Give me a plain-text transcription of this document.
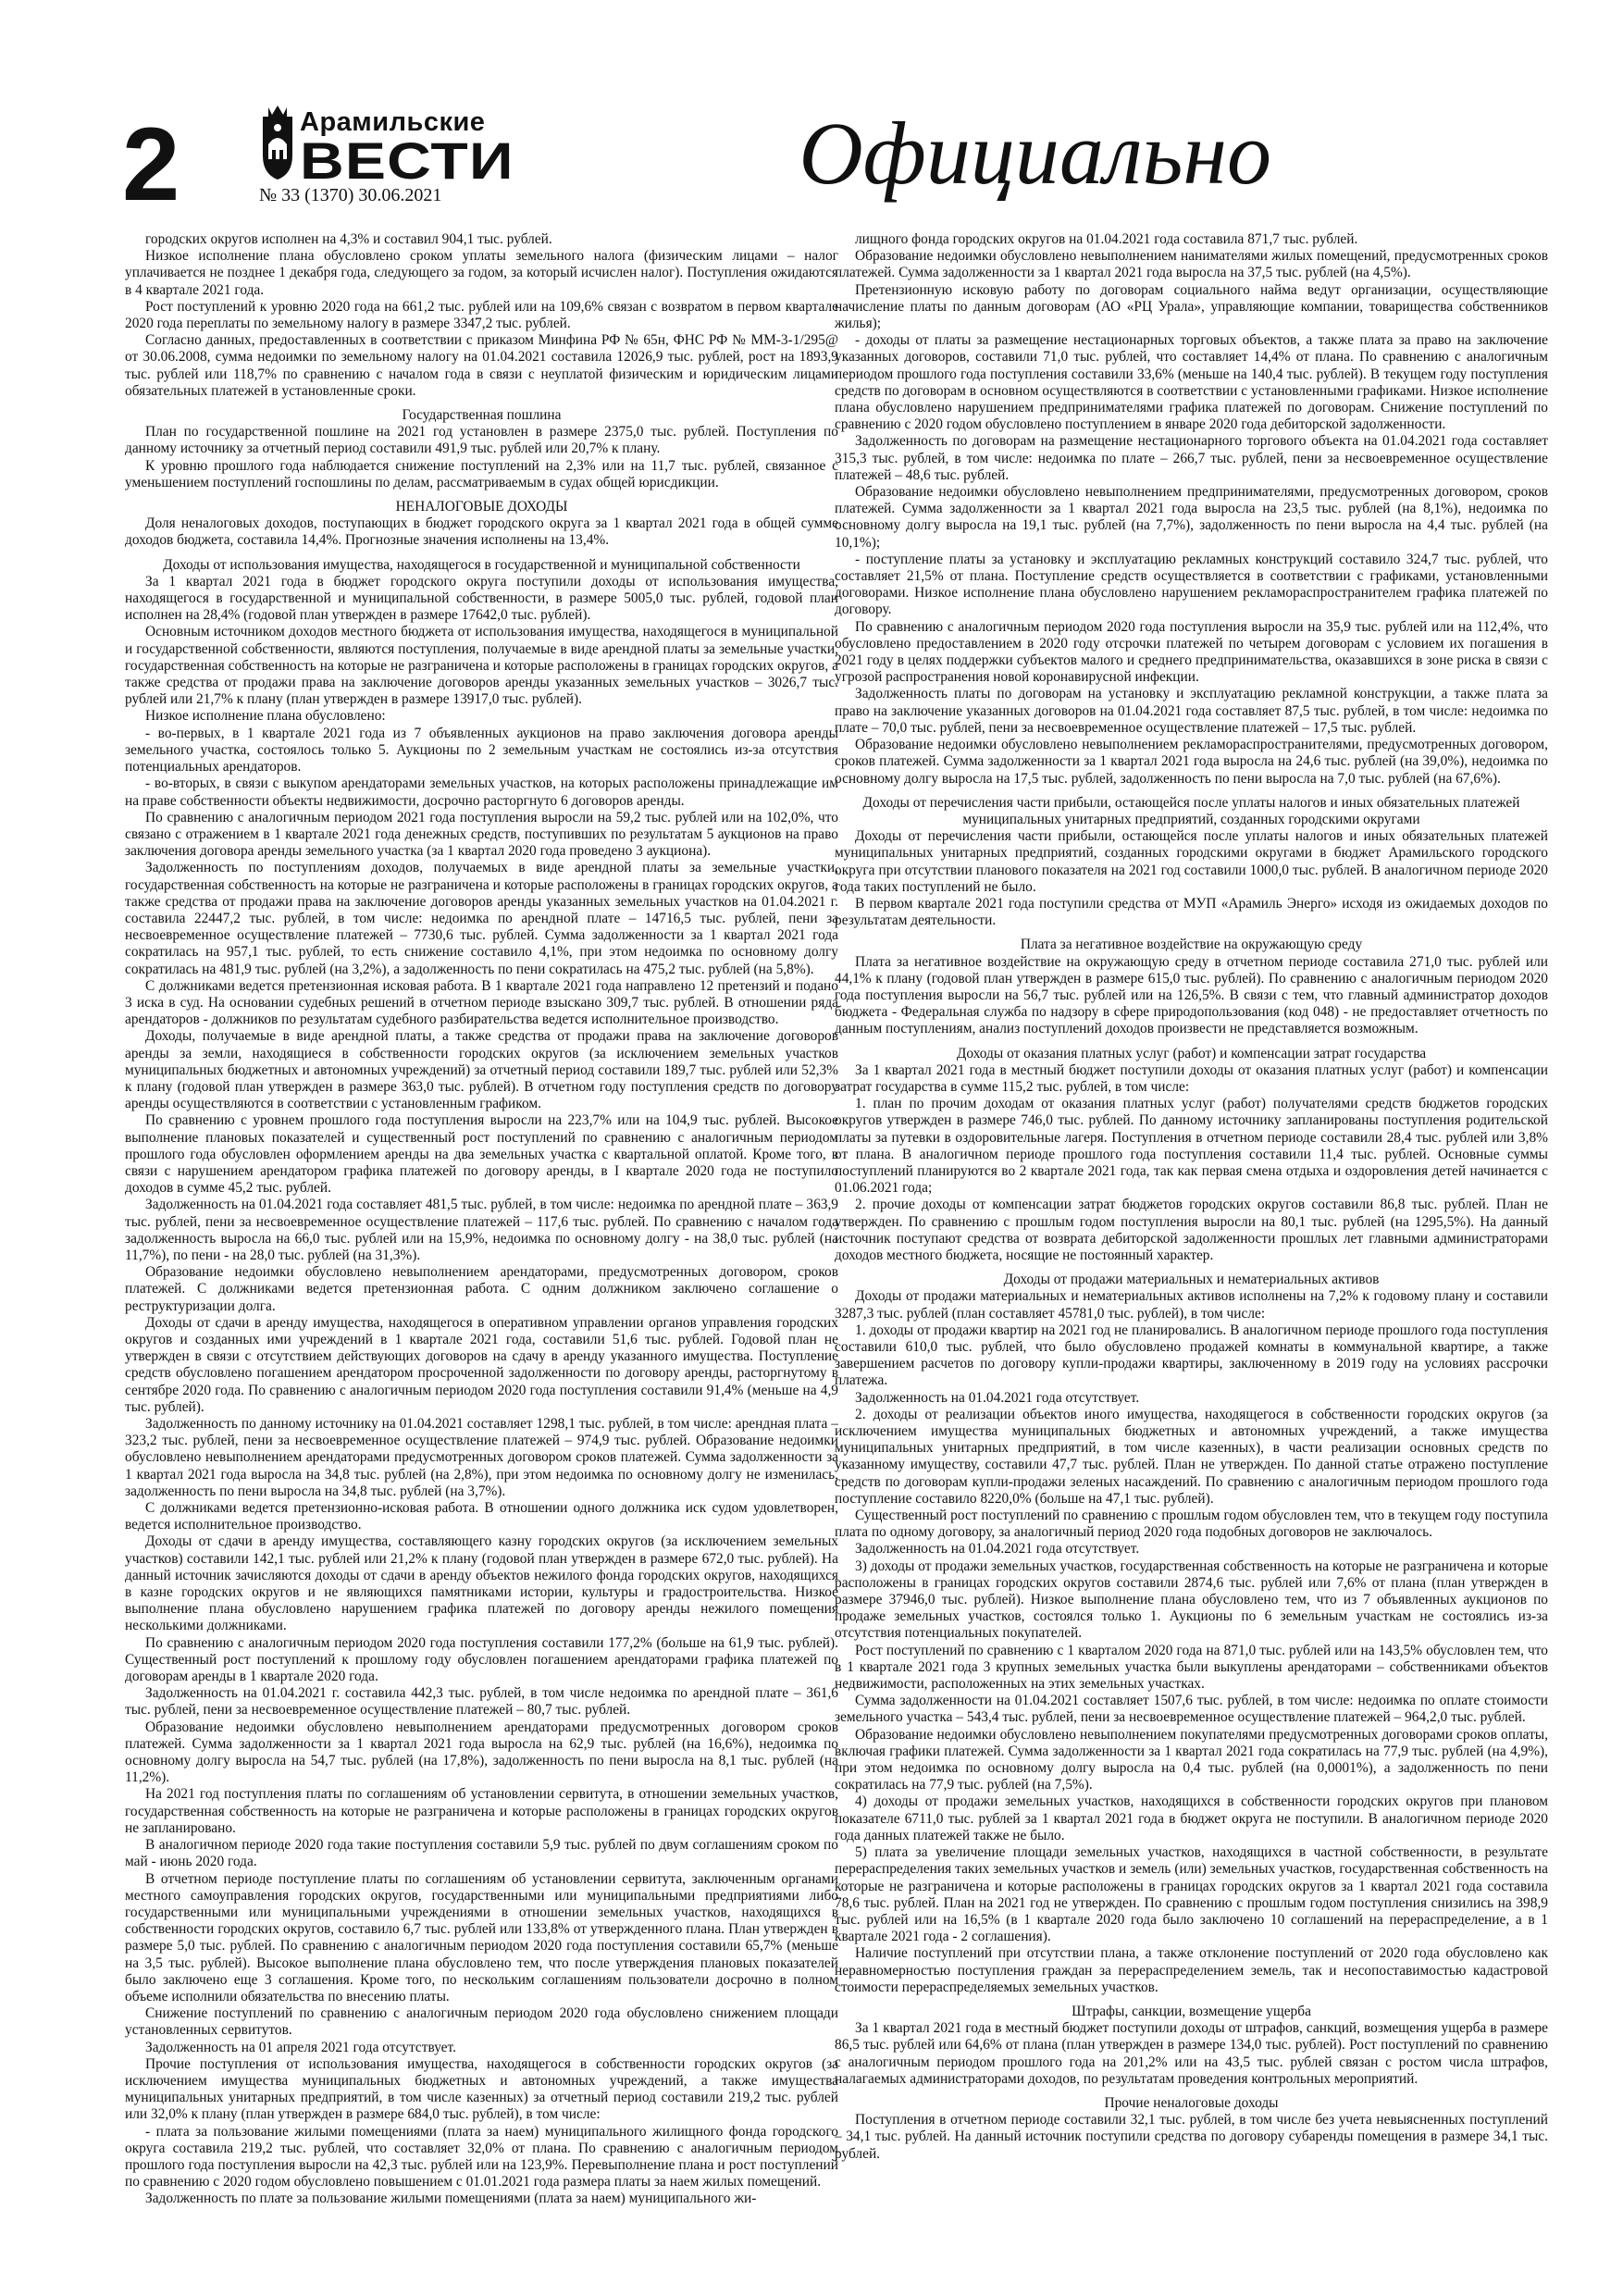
2	Арамильские
ВЕСТИ
№ 33 (1370) 30.06.2021	Официально

городских округов исполнен на 4,3% и составил 904,1 тыс. рублей.

Низкое исполнение плана обусловлено сроком уплаты земельного налога (физическим лицами – налог уплачивается не позднее 1 декабря года, следующего за годом, за который исчислен налог). Поступления ожидаются в 4 квартале 2021 года.

Рост поступлений к уровню 2020 года на 661,2 тыс. рублей или на 109,6% связан с возвратом в первом квартале 2020 года переплаты по земельному налогу в размере 3347,2 тыс. рублей.

Согласно данных, предоставленных в соответствии с приказом Минфина РФ № 65н, ФНС РФ № ММ-3-1/295@ от 30.06.2008, сумма недоимки по земельному налогу на 01.04.2021 составила 12026,9 тыс. рублей, рост на 1893,9 тыс. рублей или 118,7% по сравнению с началом года в связи с неуплатой физическим и юридическим лицами обязательных платежей в установленные сроки.

Государственная пошлина

План по государственной пошлине на 2021 год установлен в размере 2375,0 тыс. рублей. Поступления по данному источнику за отчетный период составили 491,9 тыс. рублей или 20,7% к плану.

К уровню прошлого года наблюдается снижение поступлений на 2,3% или на 11,7 тыс. рублей, связанное с уменьшением поступлений госпошлины по делам, рассматриваемым в судах общей юрисдикции.

НЕНАЛОГОВЫЕ ДОХОДЫ

Доля неналоговых доходов, поступающих в бюджет городского округа за 1 квартал 2021 года в общей сумме доходов бюджета, составила 14,4%. Прогнозные значения исполнены на 13,4%.

Доходы от использования имущества, находящегося в государственной и муниципальной собственности

За 1 квартал 2021 года в бюджет городского округа поступили доходы от использования имущества, находящегося в государственной и муниципальной собственности, в размере 5005,0 тыс. рублей, годовой план исполнен на 28,4% (годовой план утвержден в размере 17642,0 тыс. рублей).

Основным источником доходов местного бюджета от использования имущества, находящегося в муниципальной и государственной собственности, являются поступления, получаемые в виде арендной платы за земельные участки, государственная собственность на которые не разграничена и которые расположены в границах городских округов, а также средства от продажи права на заключение договоров аренды указанных земельных участков – 3026,7 тыс. рублей или 21,7% к плану (план утвержден в размере 13917,0 тыс. рублей).

Низкое исполнение плана обусловлено:

- во-первых, в 1 квартале 2021 года из 7 объявленных аукционов на право заключения договора аренды земельного участка, состоялось только 5. Аукционы по 2 земельным участкам не состоялись из-за отсутствия потенциальных арендаторов.

- во-вторых, в связи с выкупом арендаторами земельных участков, на которых расположены принадлежащие им на праве собственности объекты недвижимости, досрочно расторгнуто 6 договоров аренды.

По сравнению с аналогичным периодом 2021 года поступления выросли на 59,2 тыс. рублей или на 102,0%, что связано с отражением в 1 квартале 2021 года денежных средств, поступивших по результатам 5 аукционов на право заключения договора аренды земельного участка (за 1 квартал 2020 года проведено 3 аукциона).

Задолженность по поступлениям доходов, получаемых в виде арендной платы за земельные участки, государственная собственность на которые не разграничена и которые расположены в границах городских округов, а также средства от продажи права на заключение договоров аренды указанных земельных участков на 01.04.2021 г. составила 22447,2 тыс. рублей, в том числе: недоимка по арендной плате – 14716,5 тыс. рублей, пени за несвоевременное осуществление платежей – 7730,6 тыс. рублей. Сумма задолженности за 1 квартал 2021 года сократилась на 957,1 тыс. рублей, то есть снижение составило 4,1%, при этом недоимка по основному долгу сократилась на 481,9 тыс. рублей (на 3,2%), а задолженность по пени сократилась на 475,2 тыс. рублей (на 5,8%).

С должниками ведется претензионная исковая работа. В 1 квартале 2021 года направлено 12 претензий и подано 3 иска в суд. На основании судебных решений в отчетном периоде взыскано 309,7 тыс. рублей. В отношении ряда арендаторов - должников по результатам судебного разбирательства ведется исполнительное производство.

Доходы, получаемые в виде арендной платы, а также средства от продажи права на заключение договоров аренды за земли, находящиеся в собственности городских округов (за исключением земельных участков муниципальных бюджетных и автономных учреждений) за отчетный период составили 189,7 тыс. рублей или 52,3% к плану (годовой план утвержден в размере 363,0 тыс. рублей). В отчетном году поступления средств по договору аренды осуществляются в соответствии с установленным графиком.

По сравнению с уровнем прошлого года поступления выросли на 223,7% или на 104,9 тыс. рублей. Высокое выполнение плановых показателей и существенный рост поступлений по сравнению с аналогичным периодом прошлого года обусловлен оформлением аренды на два земельных участка с квартальной оплатой. Кроме того, в связи с нарушением арендатором графика платежей по договору аренды, в I квартале 2020 года не поступило доходов в сумме 45,2 тыс. рублей.

Задолженность на 01.04.2021 года составляет 481,5 тыс. рублей, в том числе: недоимка по арендной плате – 363,9 тыс. рублей, пени за несвоевременное осуществление платежей – 117,6 тыс. рублей. По сравнению с началом года задолженность выросла на 66,0 тыс. рублей или на 15,9%, недоимка по основному долгу - на 38,0 тыс. рублей (на 11,7%), по пени - на 28,0 тыс. рублей (на 31,3%).

Образование недоимки обусловлено невыполнением арендаторами, предусмотренных договором, сроков платежей. С должниками ведется претензионная работа. С одним должником заключено соглашение о реструктуризации долга.

Доходы от сдачи в аренду имущества, находящегося в оперативном управлении органов управления городских округов и созданных ими учреждений в 1 квартале 2021 года, составили 51,6 тыс. рублей. Годовой план не утвержден в связи с отсутствием действующих договоров на сдачу в аренду указанного имущества. Поступление средств обусловлено погашением арендатором просроченной задолженности по договору аренды, расторгнутому в сентябре 2020 года. По сравнению с аналогичным периодом 2020 года поступления составили 91,4% (меньше на 4,9 тыс. рублей).

Задолженность по данному источнику на 01.04.2021 составляет 1298,1 тыс. рублей, в том числе: арендная плата – 323,2 тыс. рублей, пени за несвоевременное осуществление платежей – 974,9 тыс. рублей. Образование недоимки обусловлено невыполнением арендаторами предусмотренных договором сроков платежей. Сумма задолженности за 1 квартал 2021 года выросла на 34,8 тыс. рублей (на 2,8%), при этом недоимка по основному долгу не изменилась, задолженность по пени выросла на 34,8 тыс. рублей (на 3,7%).

С должниками ведется претензионно-исковая работа. В отношении одного должника иск судом удовлетворен, ведется исполнительное производство.

Доходы от сдачи в аренду имущества, составляющего казну городских округов (за исключением земельных участков) составили 142,1 тыс. рублей или 21,2% к плану (годовой план утвержден в размере 672,0 тыс. рублей). На данный источник зачисляются доходы от сдачи в аренду объектов нежилого фонда городских округов, находящихся в казне городских округов и не являющихся памятниками истории, культуры и градостроительства. Низкое выполнение плана обусловлено нарушением графика платежей по договору аренды нежилого помещения несколькими должниками.

По сравнению с аналогичным периодом 2020 года поступления составили 177,2% (больше на 61,9 тыс. рублей). Существенный рост поступлений к прошлому году обусловлен погашением арендаторами графика платежей по договорам аренды в 1 квартале 2020 года.

Задолженность на 01.04.2021 г. составила 442,3 тыс. рублей, в том числе недоимка по арендной плате – 361,6 тыс. рублей, пени за несвоевременное осуществление платежей – 80,7 тыс. рублей.

Образование недоимки обусловлено невыполнением арендаторами предусмотренных договором сроков платежей. Сумма задолженности за 1 квартал 2021 года выросла на 62,9 тыс. рублей (на 16,6%), недоимка по основному долгу выросла на 54,7 тыс. рублей (на 17,8%), задолженность по пени выросла на 8,1 тыс. рублей (на 11,2%).

На 2021 год поступления платы по соглашениям об установлении сервитута, в отношении земельных участков, государственная собственность на которые не разграничена и которые расположены в границах городских округов не запланировано.

В аналогичном периоде 2020 года такие поступления составили 5,9 тыс. рублей по двум соглашениям сроком по май - июнь 2020 года.

В отчетном периоде поступление платы по соглашениям об установлении сервитута, заключенным органами местного самоуправления городских округов, государственными или муниципальными предприятиями либо государственными или муниципальными учреждениями в отношении земельных участков, находящихся в собственности городских округов, составило 6,7 тыс. рублей или 133,8% от утвержденного плана. План утвержден в размере 5,0 тыс. рублей. По сравнению с аналогичным периодом 2020 года поступления составили 65,7% (меньше на 3,5 тыс. рублей). Высокое выполнение плана обусловлено тем, что после утверждения плановых показателей было заключено еще 3 соглашения. Кроме того, по нескольким соглашениям пользователи досрочно в полном объеме исполнили обязательства по внесению платы.

Снижение поступлений по сравнению с аналогичным периодом 2020 года обусловлено снижением площади установленных сервитутов.

Задолженность на 01 апреля 2021 года отсутствует.

Прочие поступления от использования имущества, находящегося в собственности городских округов (за исключением имущества муниципальных бюджетных и автономных учреждений, а также имущества муниципальных унитарных предприятий, в том числе казенных) за отчетный период составили 219,2 тыс. рублей или 32,0% к плану (план утвержден в размере 684,0 тыс. рублей), в том числе:

- плата за пользование жилыми помещениями (плата за наем) муниципального жилищного фонда городского округа составила 219,2 тыс. рублей, что составляет 32,0% от плана. По сравнению с аналогичным периодом прошлого года поступления выросли на 42,3 тыс. рублей или на 123,9%. Перевыполнение плана и рост поступлений по сравнению с 2020 годом обусловлено повышением с 01.01.2021 года размера платы за наем жилых помещений.

Задолженность по плате за пользование жилыми помещениями (плата за наем) муниципального жи-

лищного фонда городских округов на 01.04.2021 года составила 871,7 тыс. рублей.

Образование недоимки обусловлено невыполнением нанимателями жилых помещений, предусмотренных сроков платежей. Сумма задолженности за 1 квартал 2021 года выросла на 37,5 тыс. рублей (на 4,5%).

Претензионную исковую работу по договорам социального найма ведут организации, осуществляющие начисление платы по данным договорам (АО «РЦ Урала», управляющие компании, товарищества собственников жилья);

- доходы от платы за размещение нестационарных торговых объектов, а также плата за право на заключение указанных договоров, составили 71,0 тыс. рублей, что составляет 14,4% от плана. По сравнению с аналогичным периодом прошлого года поступления составили 33,6% (меньше на 140,4 тыс. рублей). В текущем году поступления средств по договорам в основном осуществляются в соответствии с установленными графиками. Низкое исполнение плана обусловлено нарушением предпринимателями графика платежей по договорам. Снижение поступлений по сравнению с 2020 годом обусловлено поступлением в январе 2020 года дебиторской задолженности.

Задолженность по договорам на размещение нестационарного торгового объекта на 01.04.2021 года составляет 315,3 тыс. рублей, в том числе: недоимка по плате – 266,7 тыс. рублей, пени за несвоевременное осуществление платежей – 48,6 тыс. рублей.

Образование недоимки обусловлено невыполнением предпринимателями, предусмотренных договором, сроков платежей. Сумма задолженности за 1 квартал 2021 года выросла на 23,5 тыс. рублей (на 8,1%), недоимка по основному долгу выросла на 19,1 тыс. рублей (на 7,7%), задолженность по пени выросла на 4,4 тыс. рублей (на 10,1%);

- поступление платы за установку и эксплуатацию рекламных конструкций составило 324,7 тыс. рублей, что составляет 21,5% от плана. Поступление средств осуществляется в соответствии с графиками, установленными договорами. Низкое исполнение плана обусловлено нарушением рекламораспространителем графика платежей по договору.

По сравнению с аналогичным периодом 2020 года поступления выросли на 35,9 тыс. рублей или на 112,4%, что обусловлено предоставлением в 2020 году отсрочки платежей по четырем договорам с условием их погашения в 2021 году в целях поддержки субъектов малого и среднего предпринимательства, оказавшихся в зоне риска в связи с угрозой распространения новой коронавирусной инфекции.

Задолженность платы по договорам на установку и эксплуатацию рекламной конструкции, а также плата за право на заключение указанных договоров на 01.04.2021 года составляет 87,5 тыс. рублей, в том числе: недоимка по плате – 70,0 тыс. рублей, пени за несвоевременное осуществление платежей – 17,5 тыс. рублей.

Образование недоимки обусловлено невыполнением рекламораспространителями, предусмотренных договором, сроков платежей. Сумма задолженности за 1 квартал 2021 года выросла на 24,6 тыс. рублей (на 39,0%), недоимка по основному долгу выросла на 17,5 тыс. рублей, задолженность по пени выросла на 7,0 тыс. рублей (на 67,6%).

Доходы от перечисления части прибыли, остающейся после уплаты налогов и иных обязательных платежей муниципальных унитарных предприятий, созданных городскими округами

Доходы от перечисления части прибыли, остающейся после уплаты налогов и иных обязательных платежей муниципальных унитарных предприятий, созданных городскими округами в бюджет Арамильского городского округа при отсутствии планового показателя на 2021 год составили 1000,0 тыс. рублей. В аналогичном периоде 2020 года таких поступлений не было.

В первом квартале 2021 года поступили средства от МУП «Арамиль Энерго» исходя из ожидаемых доходов по результатам деятельности.

Плата за негативное воздействие на окружающую среду

Плата за негативное воздействие на окружающую среду в отчетном периоде составила 271,0 тыс. рублей или 44,1% к плану (годовой план утвержден в размере 615,0 тыс. рублей). По сравнению с аналогичным периодом 2020 года поступления выросли на 56,7 тыс. рублей или на 126,5%. В связи с тем, что главный администратор доходов бюджета - Федеральная служба по надзору в сфере природопользования (код 048) - не предоставляет отчетность по данным поступлениям, анализ поступлений доходов произвести не представляется возможным.

Доходы от оказания платных услуг (работ) и компенсации затрат государства

За 1 квартал 2021 года в местный бюджет поступили доходы от оказания платных услуг (работ) и компенсации затрат государства в сумме 115,2 тыс. рублей, в том числе:

1. план по прочим доходам от оказания платных услуг (работ) получателями средств бюджетов городских округов утвержден в размере 746,0 тыс. рублей. По данному источнику запланированы поступления родительской платы за путевки в оздоровительные лагеря. Поступления в отчетном периоде составили 28,4 тыс. рублей или 3,8% от плана. В аналогичном периоде прошлого года поступления составили 11,4 тыс. рублей. Основные суммы поступлений планируются во 2 квартале 2021 года, так как первая смена отдыха и оздоровления детей начинается с 01.06.2021 года;

2. прочие доходы от компенсации затрат бюджетов городских округов составили 86,8 тыс. рублей. План не утвержден. По сравнению с прошлым годом поступления выросли на 80,1 тыс. рублей (на 1295,5%). На данный источник поступают средства от возврата дебиторской задолженности прошлых лет главными администраторами доходов местного бюджета, носящие не постоянный характер.

Доходы от продажи материальных и нематериальных активов

Доходы от продажи материальных и нематериальных активов исполнены на 7,2% к годовому плану и составили 3287,3 тыс. рублей (план составляет 45781,0 тыс. рублей), в том числе:

1. доходы от продажи квартир на 2021 год не планировались. В аналогичном периоде прошлого года поступления составили 610,0 тыс. рублей, что было обусловлено продажей комнаты в коммунальной квартире, а также завершением расчетов по договору купли-продажи квартиры, заключенному в 2019 году на условиях рассрочки платежа.

Задолженность на 01.04.2021 года отсутствует.

2. доходы от реализации объектов иного имущества, находящегося в собственности городских округов (за исключением имущества муниципальных бюджетных и автономных учреждений, а также имущества муниципальных унитарных предприятий, в том числе казенных), в части реализации основных средств по указанному имуществу, составили 47,7 тыс. рублей. План не утвержден. По данной статье отражено поступление средств по договорам купли-продажи зеленых насаждений. По сравнению с аналогичным периодом прошлого года поступление составило 8220,0% (больше на 47,1 тыс. рублей).

Существенный рост поступлений по сравнению с прошлым годом обусловлен тем, что в текущем году поступила плата по одному договору, за аналогичный период 2020 года подобных договоров не заключалось.

Задолженность на 01.04.2021 года отсутствует.

3) доходы от продажи земельных участков, государственная собственность на которые не разграничена и которые расположены в границах городских округов составили 2874,6 тыс. рублей или 7,6% от плана (план утвержден в размере 37946,0 тыс. рублей). Низкое выполнение плана обусловлено тем, что из 7 объявленных аукционов по продаже земельных участков, состоялся только 1. Аукционы по 6 земельным участкам не состоялись из-за отсутствия потенциальных покупателей.

Рост поступлений по сравнению с 1 кварталом 2020 года на 871,0 тыс. рублей или на 143,5% обусловлен тем, что в 1 квартале 2021 года 3 крупных земельных участка были выкуплены арендаторами – собственниками объектов недвижимости, расположенных на этих земельных участках.

Сумма задолженности на 01.04.2021 составляет 1507,6 тыс. рублей, в том числе: недоимка по оплате стоимости земельного участка – 543,4 тыс. рублей, пени за несвоевременное осуществление платежей – 964,2,0 тыс. рублей.

Образование недоимки обусловлено невыполнением покупателями предусмотренных договорами сроков оплаты, включая графики платежей. Сумма задолженности за 1 квартал 2021 года сократилась на 77,9 тыс. рублей (на 4,9%), при этом недоимка по основному долгу выросла на 0,4 тыс. рублей (на 0,0001%), а задолженность по пени сократилась на 77,9 тыс. рублей (на 7,5%).

4) доходы от продажи земельных участков, находящихся в собственности городских округов при плановом показателе 6711,0 тыс. рублей за 1 квартал 2021 года в бюджет округа не поступили. В аналогичном периоде 2020 года данных платежей также не было.

5) плата за увеличение площади земельных участков, находящихся в частной собственности, в результате перераспределения таких земельных участков и земель (или) земельных участков, государственная собственность на которые не разграничена и которые расположены в границах городских округов за 1 квартал 2021 года составила 78,6 тыс. рублей. План на 2021 год не утвержден. По сравнению с прошлым годом поступления снизились на 398,9 тыс. рублей или на 16,5% (в 1 квартале 2020 года было заключено 10 соглашений на перераспределение, а в 1 квартале 2021 года - 2 соглашения).

Наличие поступлений при отсутствии плана, а также отклонение поступлений от 2020 года обусловлено как неравномерностью поступления граждан за перераспределением земель, так и несопоставимостью кадастровой стоимости перераспределяемых земельных участков.

Штрафы, санкции, возмещение ущерба

За 1 квартал 2021 года в местный бюджет поступили доходы от штрафов, санкций, возмещения ущерба в размере 86,5 тыс. рублей или 64,6% от плана (план утвержден в размере 134,0 тыс. рублей). Рост поступлений по сравнению с аналогичным периодом прошлого года на 201,2% или на 43,5 тыс. рублей связан с ростом числа штрафов, налагаемых администраторами доходов, по результатам проведения контрольных мероприятий.

Прочие неналоговые доходы

Поступления в отчетном периоде составили 32,1 тыс. рублей, в том числе без учета невыясненных поступлений – 34,1 тыс. рублей. На данный источник поступили средства по договору субаренды помещения в размере 34,1 тыс. рублей.
